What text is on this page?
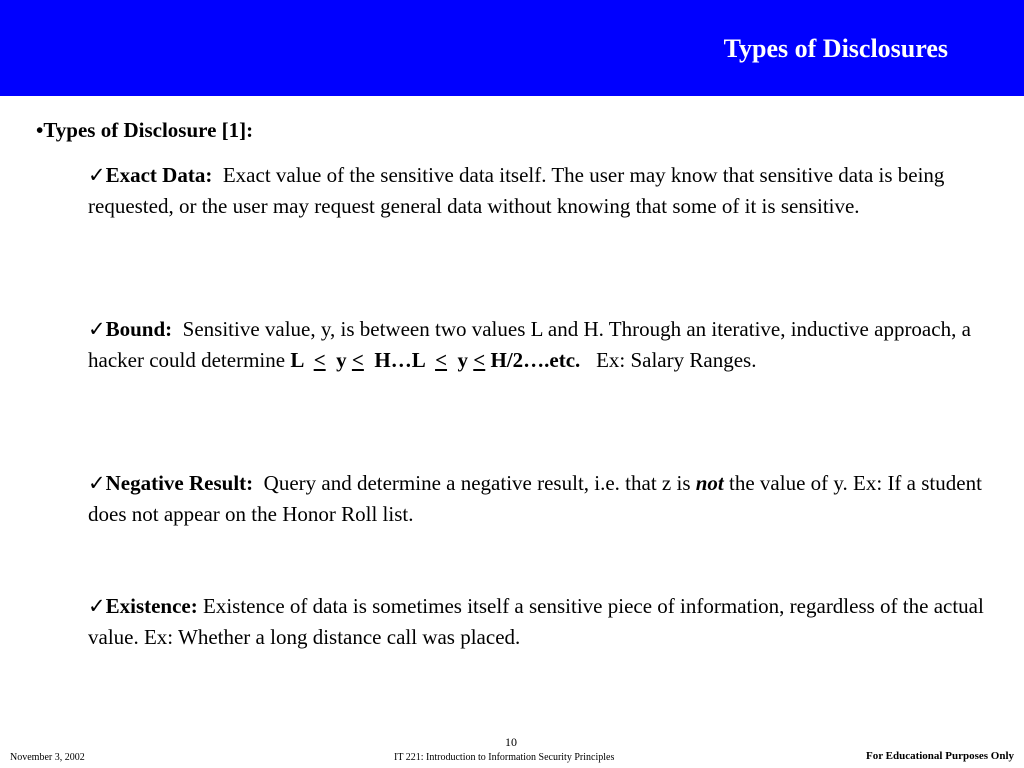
Types of Disclosures
•Types of Disclosure [1]:
✓Exact Data: Exact value of the sensitive data itself. The user may know that sensitive data is being requested, or the user may request general data without knowing that some of it is sensitive.
✓Bound: Sensitive value, y, is between two values L and H. Through an iterative, inductive approach, a hacker could determine L  <  y <  H…L  <  y < H/2….etc.   Ex: Salary Ranges.
✓Negative Result: Query and determine a negative result, i.e. that z is not the value of y. Ex: If a student does not appear on the Honor Roll list.
✓Existence: Existence of data is sometimes itself a sensitive piece of information, regardless of the actual value. Ex: Whether a long distance call was placed.
November 3, 2002
10
IT 221: Introduction to Information Security Principles	For Educational Purposes Only
